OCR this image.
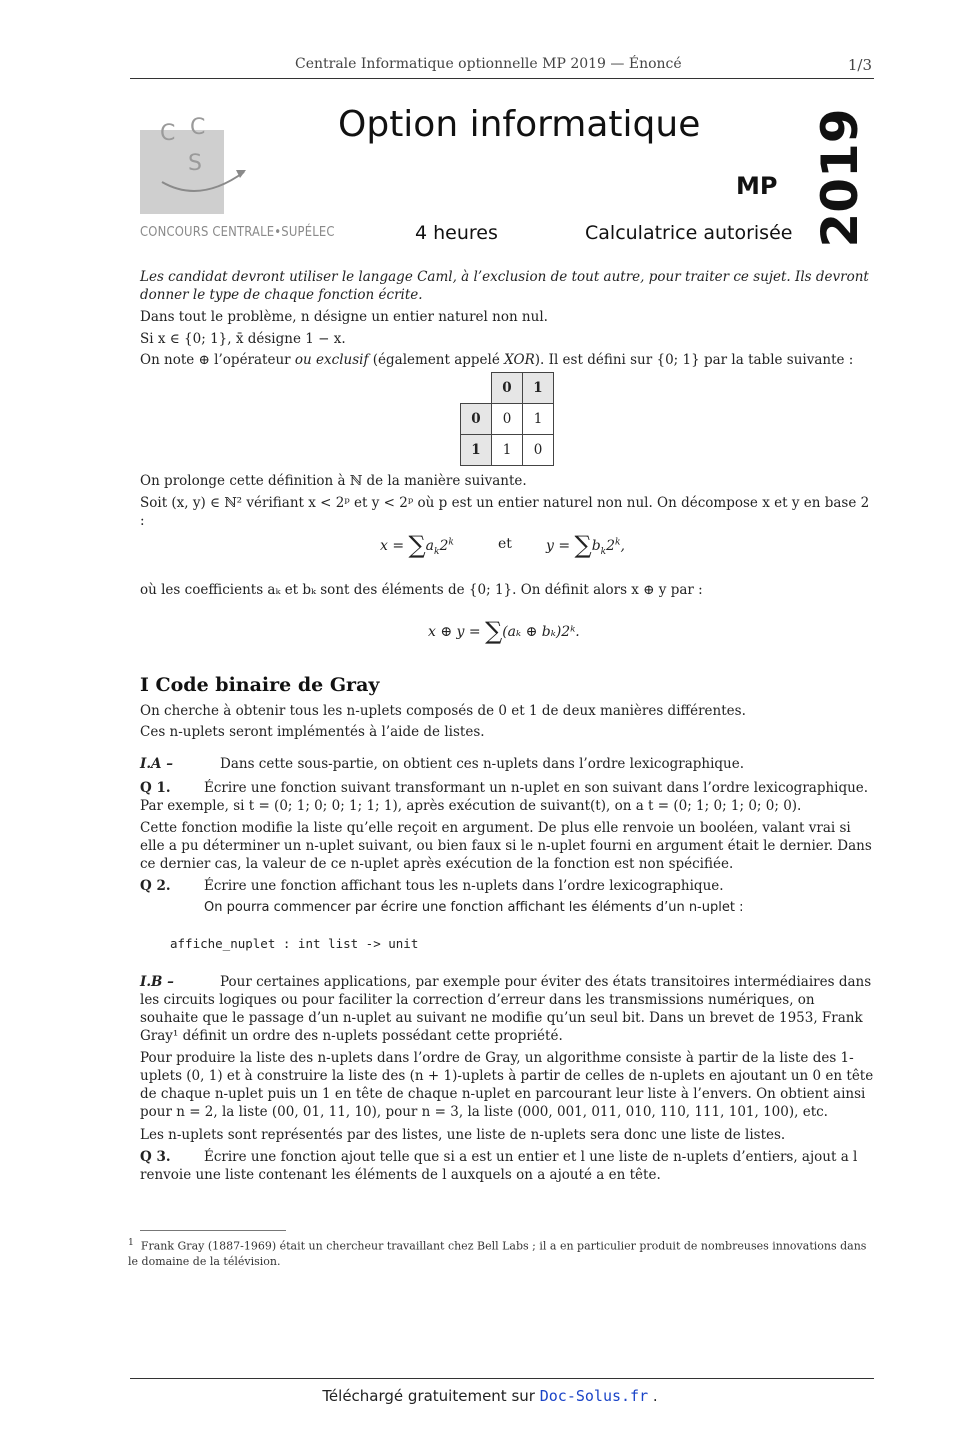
Centrale Informatique optionnelle MP 2019 — Énoncé	1/3
C C
S
CONCOURS CENTRALE•SUPÉLEC
Option informatique
MP
4 heures	Calculatrice autorisée 2019
Les candidat devront utiliser le langage Caml, à l’exclusion de tout autre, pour traiter ce sujet. Ils devront donner le type de chaque fonction écrite.
Dans tout le problème, n désigne un entier naturel non nul.
Si x ∈ {0; 1}, x̄ désigne 1 − x.
On note ⊕ l’opérateur ou exclusif (également appelé XOR). Il est défini sur {0; 1} par la table suivante :
	0	1
0	0	1
1	1	0
On prolonge cette définition à ℕ de la manière suivante.
Soit (x, y) ∈ ℕ² vérifiant x < 2ᵖ et y < 2ᵖ où p est un entier naturel non nul. On décompose x et y en base 2 :
$x = \sum a_k2^k$	et $y = \sum b_k2^k$,
où les coefficients aₖ et bₖ sont des éléments de {0; 1}. On définit alors x ⊕ y par :
x ⊕ y = ∑(aₖ ⊕ bₖ)2ᵏ.
I Code binaire de Gray
On cherche à obtenir tous les n-uplets composés de 0 et 1 de deux manières différentes.
Ces n-uplets seront implémentés à l’aide de listes.
I.A –	Dans cette sous-partie, on obtient ces n-uplets dans l’ordre lexicographique.
Q 1. Écrire une fonction suivant transformant un n-uplet en son suivant dans l’ordre lexicographique. Par exemple, si t = (0; 1; 0; 0; 1; 1; 1), après exécution de suivant(t), on a t = (0; 1; 0; 1; 0; 0; 0).
Cette fonction modifie la liste qu’elle reçoit en argument. De plus elle renvoie un booléen, valant vrai si elle a pu déterminer un n-uplet suivant, ou bien faux si le n-uplet fourni en argument était le dernier. Dans ce dernier cas, la valeur de ce n-uplet après exécution de la fonction est non spécifiée.
Q 2. Écrire une fonction affichant tous les n-uplets dans l’ordre lexicographique.
On pourra commencer par écrire une fonction affichant les éléments d’un n-uplet :
affiche_nuplet : int list -> unit
I.B –	Pour certaines applications, par exemple pour éviter des états transitoires intermédiaires dans les circuits logiques ou pour faciliter la correction d’erreur dans les transmissions numériques, on souhaite que le passage d’un n-uplet au suivant ne modifie qu’un seul bit. Dans un brevet de 1953, Frank Gray¹ définit un ordre des n-uplets possédant cette propriété.
Pour produire la liste des n-uplets dans l’ordre de Gray, un algorithme consiste à partir de la liste des 1-uplets (0, 1) et à construire la liste des (n + 1)-uplets à partir de celles de n-uplets en ajoutant un 0 en tête de chaque n-uplet puis un 1 en tête de chaque n-uplet en parcourant leur liste à l’envers. On obtient ainsi pour n = 2, la liste (00, 01, 11, 10), pour n = 3, la liste (000, 001, 011, 010, 110, 111, 101, 100), etc.
Les n-uplets sont représentés par des listes, une liste de n-uplets sera donc une liste de listes.
Q 3. Écrire une fonction ajout telle que si a est un entier et l une liste de n-uplets d’entiers, ajout a l renvoie une liste contenant les éléments de l auxquels on a ajouté a en tête.
$^1$ Frank Gray (1887-1969) était un chercheur travaillant chez Bell Labs ; il a en particulier produit de nombreuses innovations dans le domaine de la télévision.
Téléchargé gratuitement sur Doc-Solus.fr .
